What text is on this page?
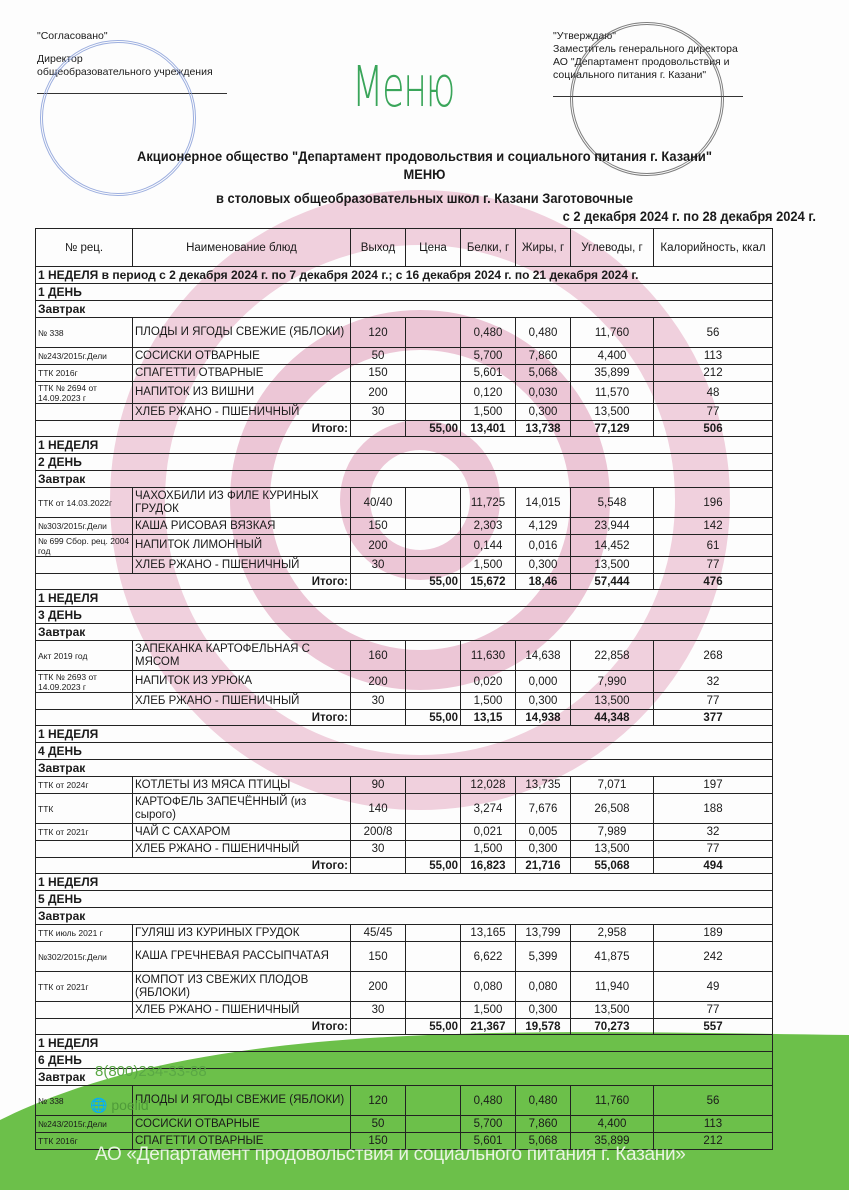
"Согласовано"
Директор
общеобразовательного учреждения
"Утверждаю"
Заместитель генерального директора
АО "Департамент продовольствия и социального питания г. Казани"
Меню
Акционерное общество "Департамент продовольствия и социального питания г. Казани"
МЕНЮ
в столовых общеобразовательных школ г. Казани Заготовочные
с 2 декабря 2024 г. по 28 декабря 2024 г.
№ рец.	Наименование блюд	Выход	Цена	Белки, г	Жиры, г	Углеводы, г	Калорийность, ккал
1 НЕДЕЛЯ в период с 2 декабря 2024 г. по 7 декабря 2024 г.; с 16 декабря 2024 г. по 21 декабря 2024 г.							
1 ДЕНЬ							
Завтрак							
№ 338	ПЛОДЫ И ЯГОДЫ СВЕЖИЕ (ЯБЛОКИ)	120		0,480	0,480	11,760	56
№243/2015г.Дели	СОСИСКИ ОТВАРНЫЕ	50		5,700	7,860	4,400	113
ТТК 2016г	СПАГЕТТИ ОТВАРНЫЕ	150		5,601	5,068	35,899	212
ТТК № 2694 от 14.09.2023 г	НАПИТОК ИЗ ВИШНИ	200		0,120	0,030	11,570	48
	ХЛЕБ РЖАНО - ПШЕНИЧНЫЙ	30		1,500	0,300	13,500	77
Итого:			55,00	13,401	13,738	77,129	506
1 НЕДЕЛЯ							
2 ДЕНЬ							
Завтрак							
ТТК от 14.03.2022г	ЧАХОХБИЛИ ИЗ ФИЛЕ КУРИНЫХ ГРУДОК	40/40		11,725	14,015	5,548	196
№303/2015г.Дели	КАША РИСОВАЯ ВЯЗКАЯ	150		2,303	4,129	23,944	142
№ 699 Сбор. рец. 2004 год	НАПИТОК ЛИМОННЫЙ	200		0,144	0,016	14,452	61
	ХЛЕБ РЖАНО - ПШЕНИЧНЫЙ	30		1,500	0,300	13,500	77
Итого:			55,00	15,672	18,46	57,444	476
1 НЕДЕЛЯ							
3 ДЕНЬ							
Завтрак							
Акт 2019 год	ЗАПЕКАНКА КАРТОФЕЛЬНАЯ С МЯСОМ	160		11,630	14,638	22,858	268
ТТК № 2693 от 14.09.2023 г	НАПИТОК ИЗ УРЮКА	200		0,020	0,000	7,990	32
	ХЛЕБ РЖАНО - ПШЕНИЧНЫЙ	30		1,500	0,300	13,500	77
Итого:			55,00	13,15	14,938	44,348	377
1 НЕДЕЛЯ							
4 ДЕНЬ							
Завтрак							
ТТК от 2024г	КОТЛЕТЫ ИЗ МЯСА ПТИЦЫ	90		12,028	13,735	7,071	197
ТТК	КАРТОФЕЛЬ ЗАПЕЧЁННЫЙ (из сырого)	140		3,274	7,676	26,508	188
ТТК от 2021г	ЧАЙ С САХАРОМ	200/8		0,021	0,005	7,989	32
	ХЛЕБ РЖАНО - ПШЕНИЧНЫЙ	30		1,500	0,300	13,500	77
Итого:			55,00	16,823	21,716	55,068	494
1 НЕДЕЛЯ							
5 ДЕНЬ							
Завтрак							
ТТК июль 2021 г	ГУЛЯШ ИЗ КУРИНЫХ ГРУДОК	45/45		13,165	13,799	2,958	189
№302/2015г.Дели	КАША ГРЕЧНЕВАЯ РАССЫПЧАТАЯ	150		6,622	5,399	41,875	242
ТТК от 2021г	КОМПОТ ИЗ СВЕЖИХ ПЛОДОВ (ЯБЛОКИ)	200		0,080	0,080	11,940	49
	ХЛЕБ РЖАНО - ПШЕНИЧНЫЙ	30		1,500	0,300	13,500	77
Итого:			55,00	21,367	19,578	70,273	557
1 НЕДЕЛЯ							
6 ДЕНЬ							
Завтрак							
№ 338	ПЛОДЫ И ЯГОДЫ СВЕЖИЕ (ЯБЛОКИ)	120		0,480	0,480	11,760	56
№243/2015г.Дели	СОСИСКИ ОТВАРНЫЕ	50		5,700	7,860	4,400	113
ТТК 2016г	СПАГЕТТИ ОТВАРНЫЕ	150		5,601	5,068	35,899	212
8(800)234-33-88
🌐 poelid
АО «Департамент продовольствия и социального питания г. Казани»
